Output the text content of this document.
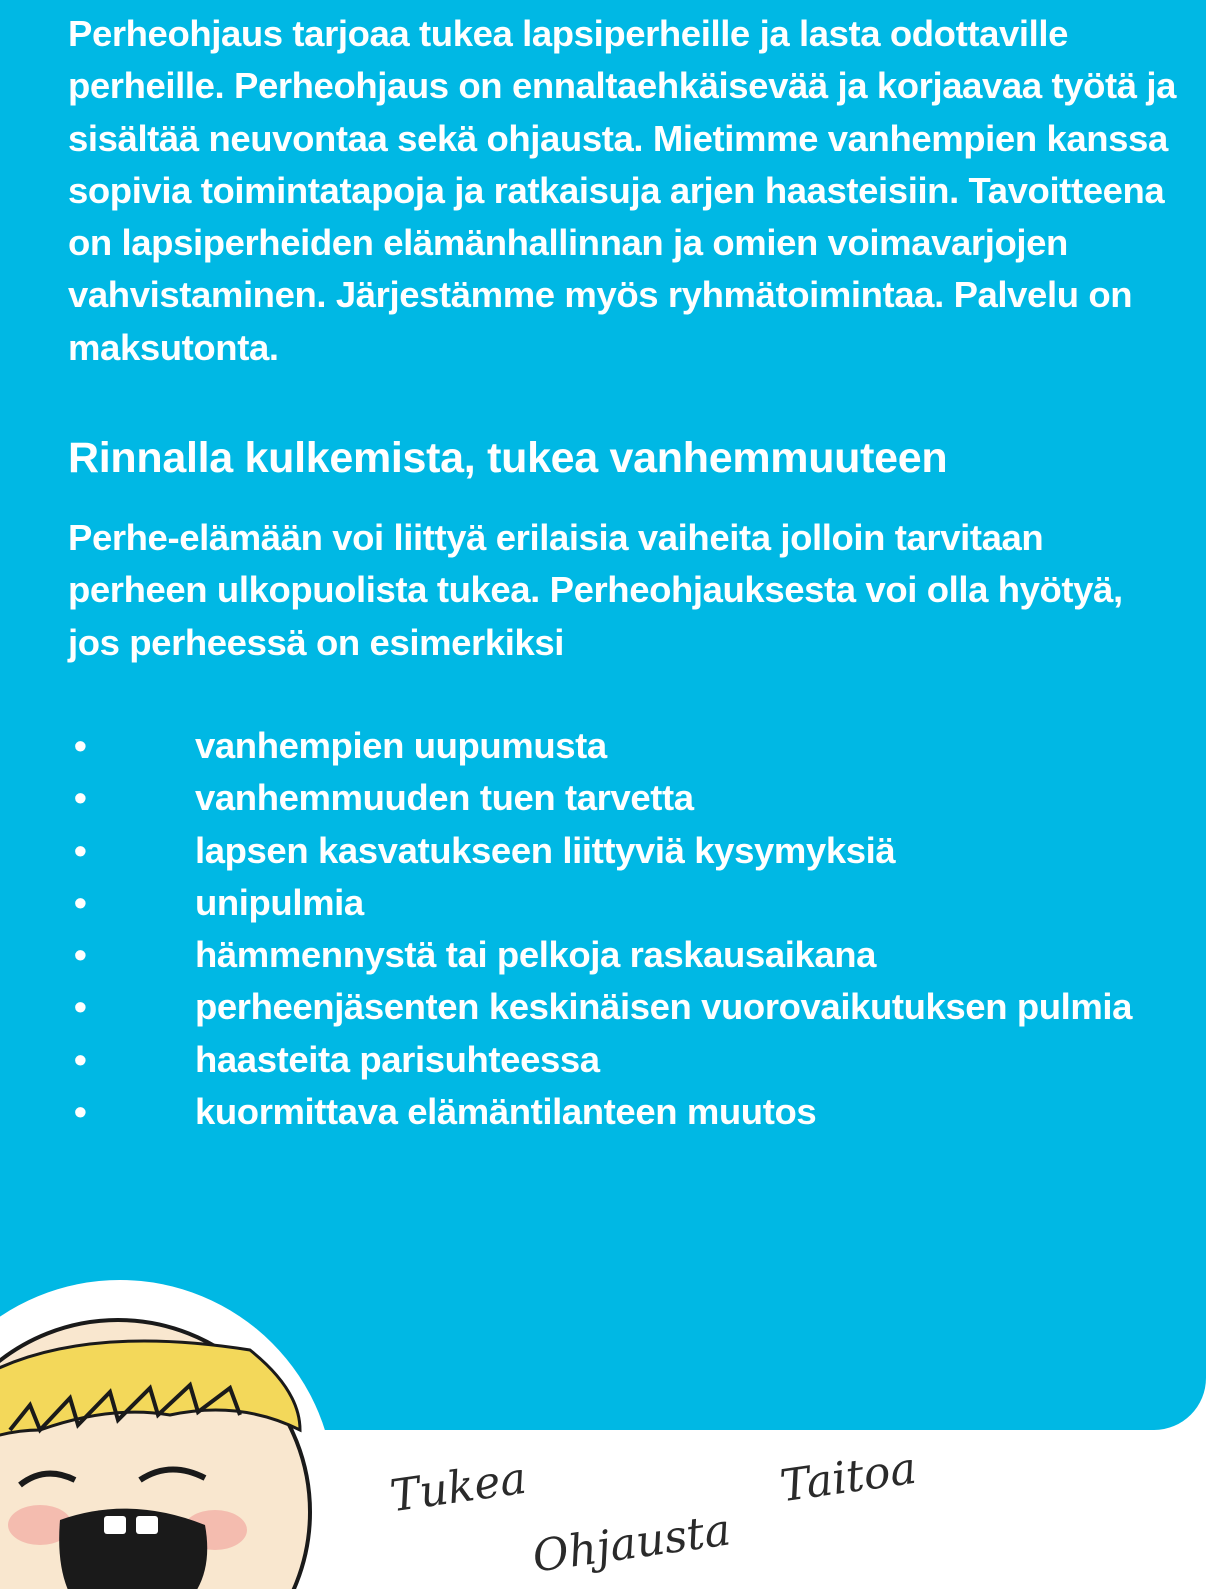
Perheohjaus tarjoaa tukea lapsiperheille ja lasta odottaville perheille. Perheohjaus on ennaltaehkäisevää ja korjaavaa työtä ja sisältää neuvontaa sekä ohjausta. Mietimme vanhempien kanssa sopivia toimintatapoja ja ratkaisuja arjen haasteisiin. Tavoitteena on lapsiperheiden elämänhallinnan ja omien voimavarjojen vahvistaminen. Järjestämme myös ryhmätoimintaa. Palvelu on maksutonta.

Rinnalla kulkemista, tukea vanhemmuuteen

Perhe-elämään voi liittyä erilaisia vaiheita jolloin tarvitaan perheen ulkopuolista tukea. Perheohjauksesta voi olla hyötyä, jos perheessä on esimerkiksi

•	vanhempien uupumusta
•	vanhemmuuden tuen tarvetta
•	lapsen kasvatukseen liittyviä kysymyksiä
•	unipulmia
•	hämmennystä tai pelkoja raskausaikana
•	perheenjäsenten keskinäisen vuorovaikutuksen pulmia
•	haasteita parisuhteessa
•	kuormittava elämäntilanteen muutos
Tukea	Taitoa
Ohjausta
